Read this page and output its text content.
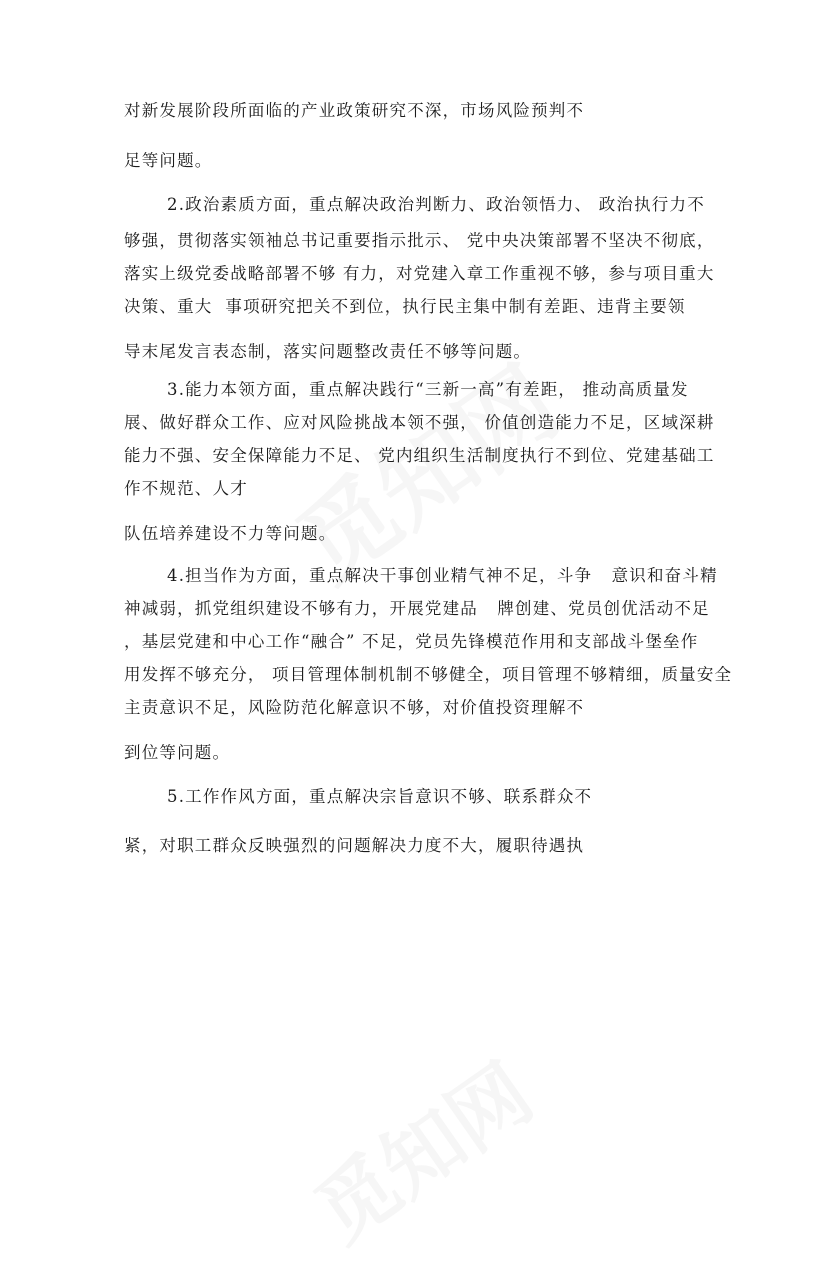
对新发展阶段所面临的产业政策研究不深，市场风险预判不
足等问题。
2.政治素质方面，重点解决政治判断力、政治领悟力、 政治执行力不
够强，贯彻落实领袖总书记重要指示批示、 党中央决策部署不坚决不彻底，
落实上级党委战略部署不够 有力，对党建入章工作重视不够，参与项目重大
决策、重大  事项研究把关不到位，执行民主集中制有差距、违背主要领
导末尾发言表态制，落实问题整改责任不够等问题。
3.能力本领方面，重点解决践行“三新一高”有差距， 推动高质量发
展、做好群众工作、应对风险挑战本领不强， 价值创造能力不足，区域深耕
能力不强、安全保障能力不足、 党内组织生活制度执行不到位、党建基础工
作不规范、人才
队伍培养建设不力等问题。
4.担当作为方面，重点解决干事创业精气神不足，斗争   意识和奋斗精
神减弱，抓党组织建设不够有力，开展党建品   牌创建、党员创优活动不足
，基层党建和中心工作“融合” 不足，党员先锋模范作用和支部战斗堡垒作
用发挥不够充分， 项目管理体制机制不够健全，项目管理不够精细，质量安全
主责意识不足，风险防范化解意识不够，对价值投资理解不
到位等问题。
5.工作作风方面，重点解决宗旨意识不够、联系群众不
紧，对职工群众反映强烈的问题解决力度不大，履职待遇执
